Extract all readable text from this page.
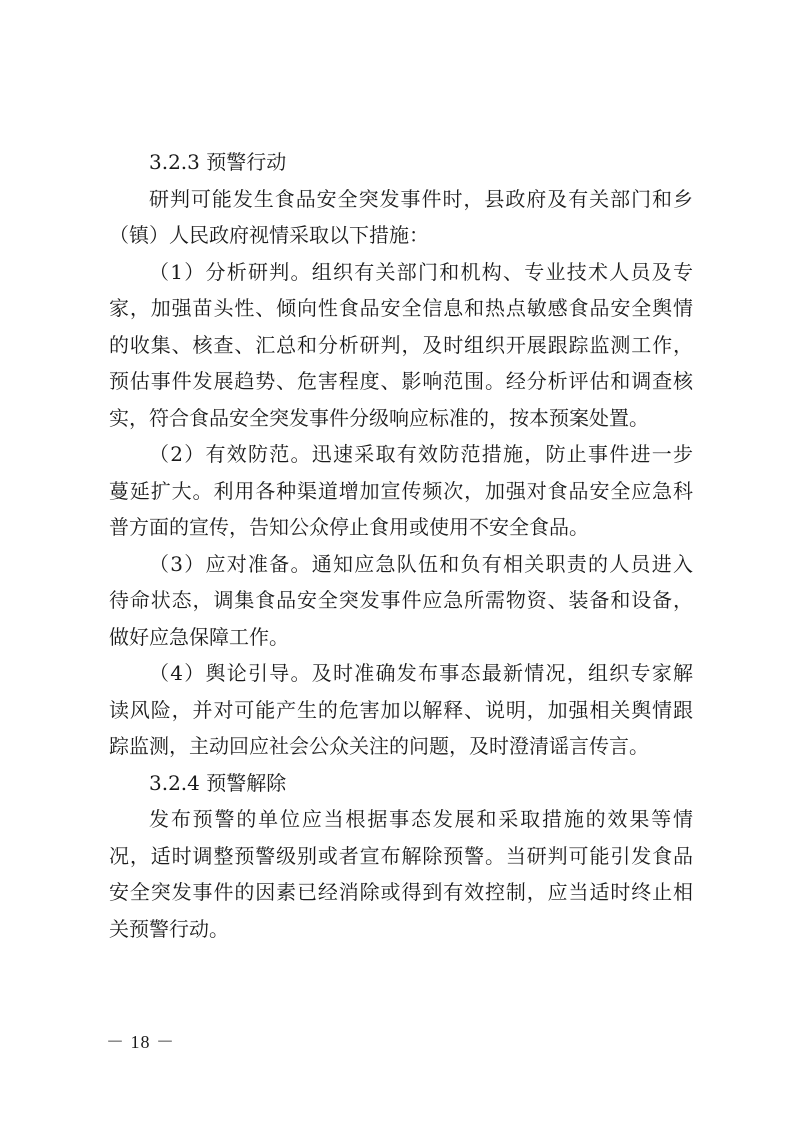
3.2.3 预警行动
研判可能发生食品安全突发事件时，县政府及有关部门和乡
（镇）人民政府视情采取以下措施：
（1）分析研判。组织有关部门和机构、专业技术人员及专
家，加强苗头性、倾向性食品安全信息和热点敏感食品安全舆情
的收集、核查、汇总和分析研判，及时组织开展跟踪监测工作，
预估事件发展趋势、危害程度、影响范围。经分析评估和调查核
实，符合食品安全突发事件分级响应标准的，按本预案处置。
（2）有效防范。迅速采取有效防范措施，防止事件进一步
蔓延扩大。利用各种渠道增加宣传频次，加强对食品安全应急科
普方面的宣传，告知公众停止食用或使用不安全食品。
（3）应对准备。通知应急队伍和负有相关职责的人员进入
待命状态，调集食品安全突发事件应急所需物资、装备和设备，
做好应急保障工作。
（4）舆论引导。及时准确发布事态最新情况，组织专家解
读风险，并对可能产生的危害加以解释、说明，加强相关舆情跟
踪监测，主动回应社会公众关注的问题，及时澄清谣言传言。
3.2.4 预警解除
发布预警的单位应当根据事态发展和采取措施的效果等情
况，适时调整预警级别或者宣布解除预警。当研判可能引发食品
安全突发事件的因素已经消除或得到有效控制，应当适时终止相
关预警行动。
－ 18 －
